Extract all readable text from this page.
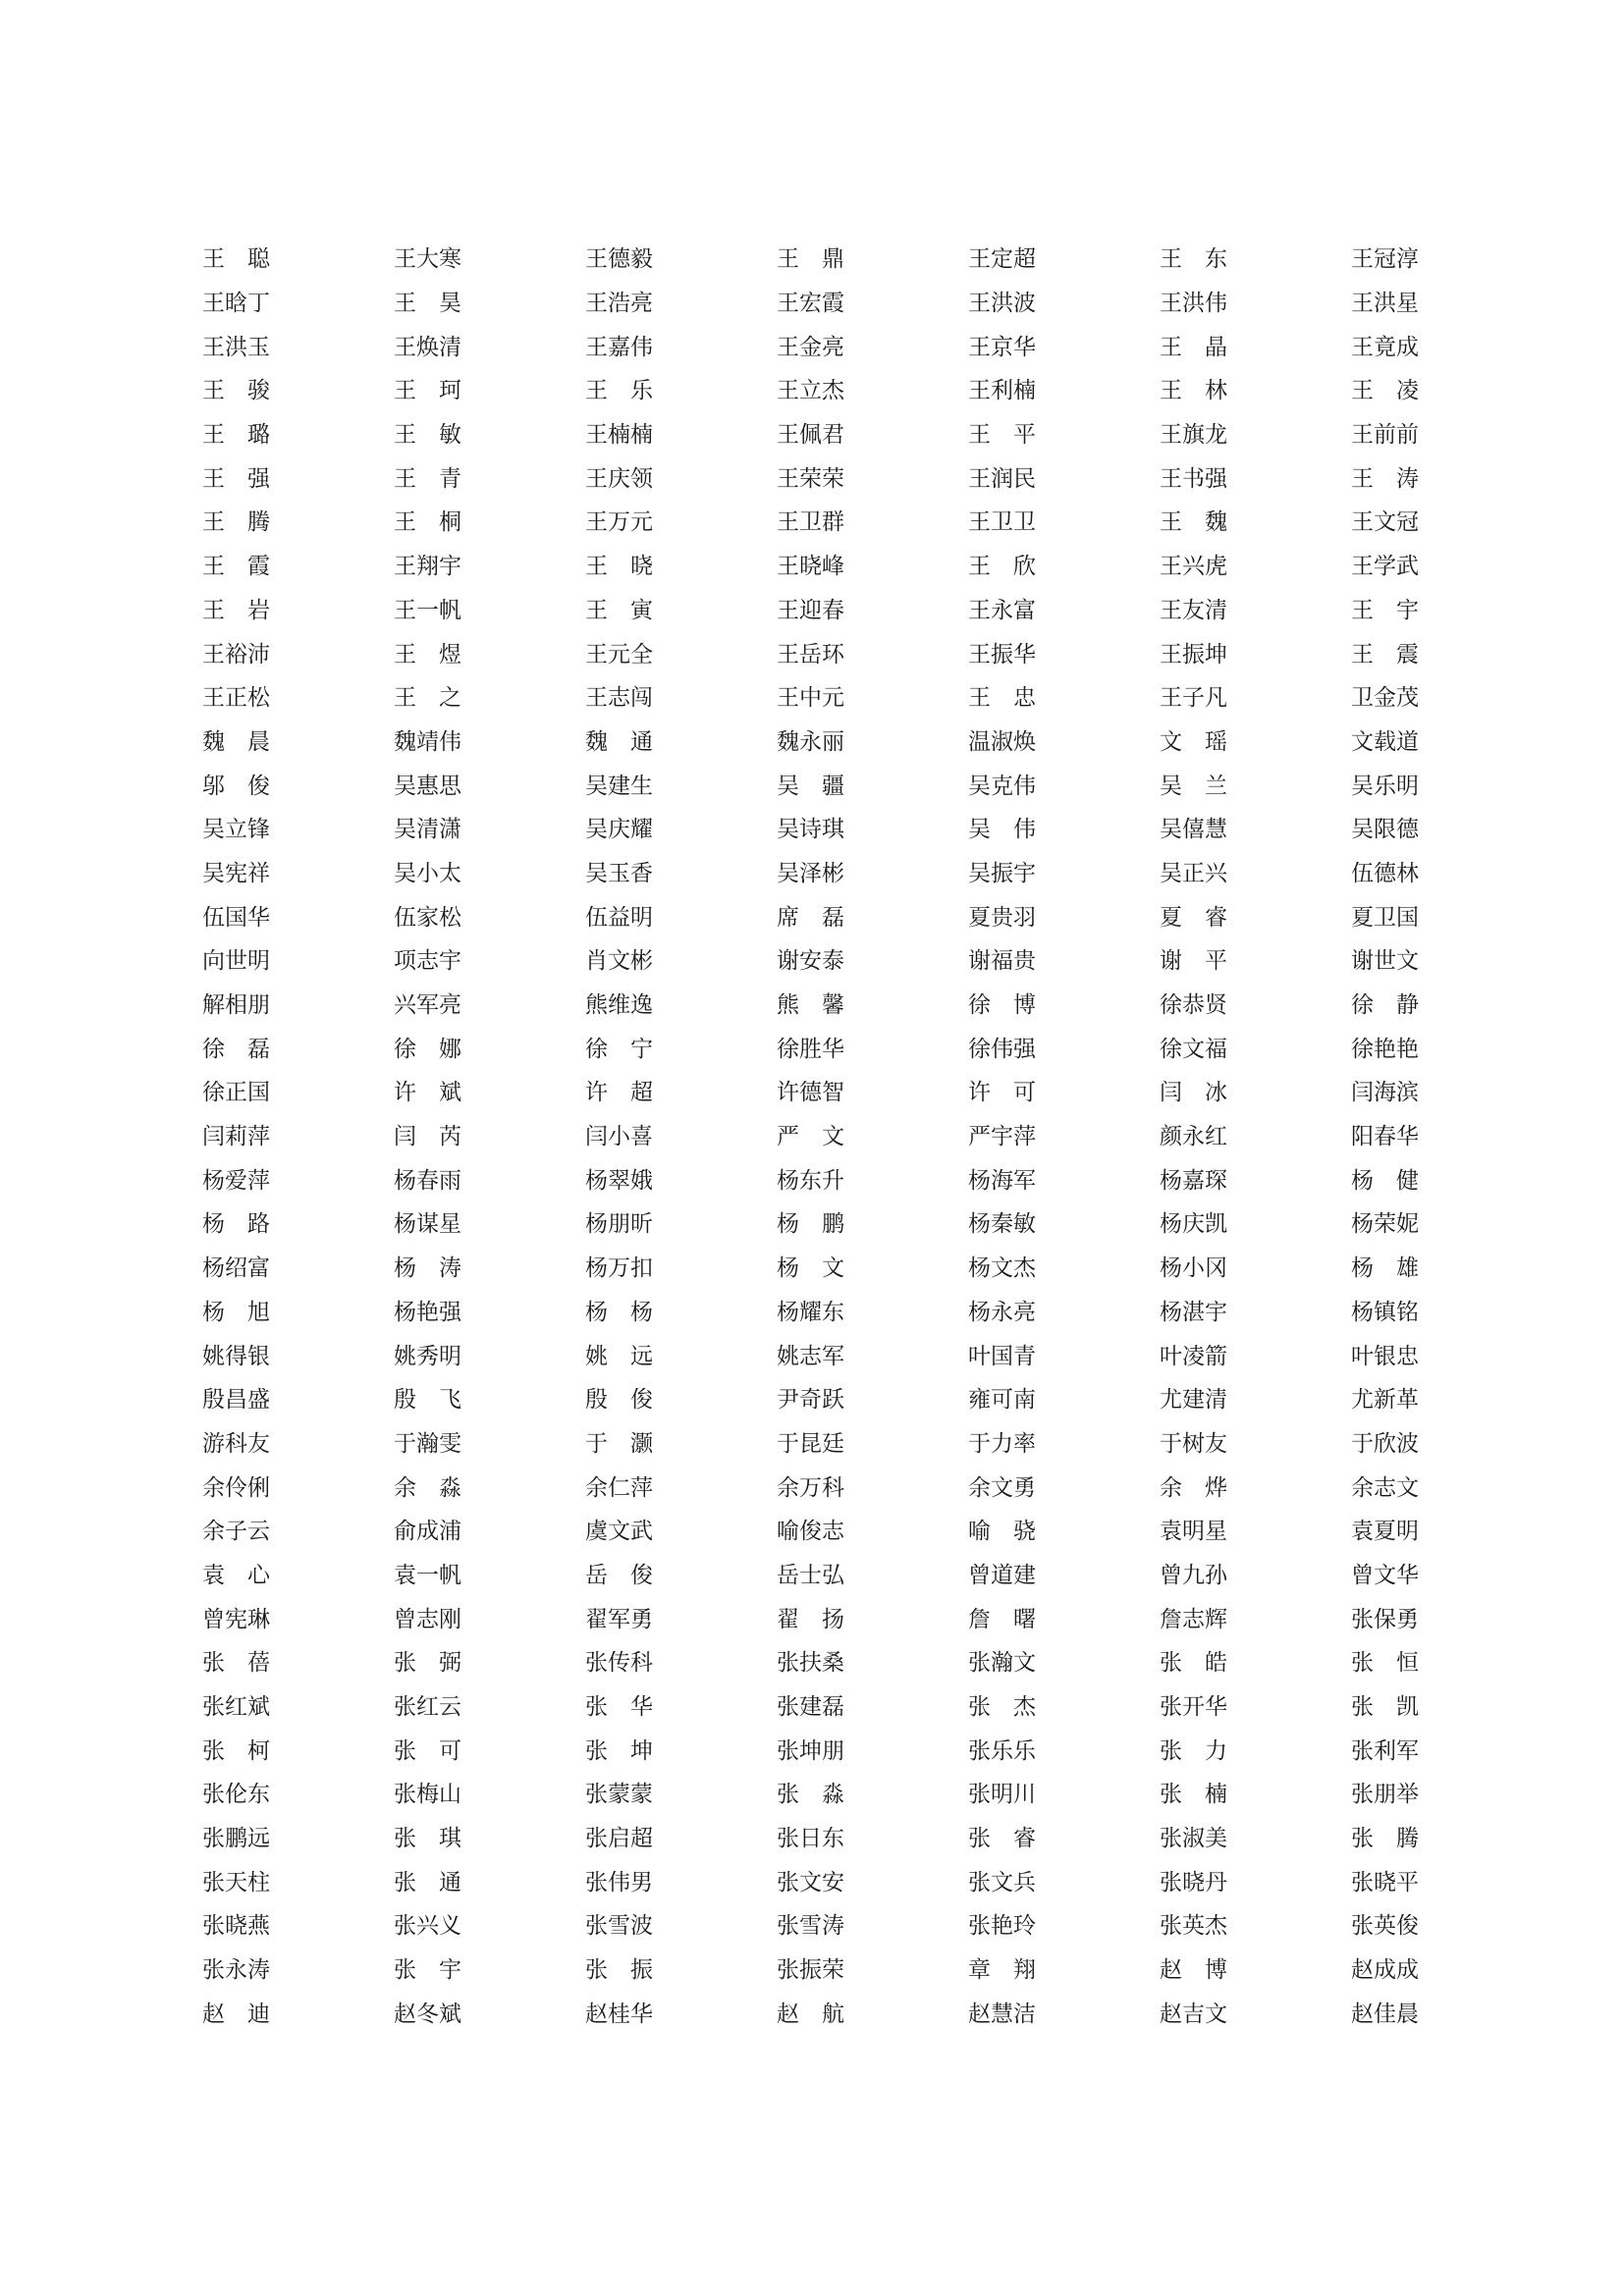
王　聪	王大寒	王德毅	王　鼎	王定超	王　东	王冠淳
王晗丁	王　昊	王浩亮	王宏霞	王洪波	王洪伟	王洪星
王洪玉	王焕清	王嘉伟	王金亮	王京华	王　晶	王竟成
王　骏	王　珂	王　乐	王立杰	王利楠	王　林	王　凌
王　璐	王　敏	王楠楠	王佩君	王　平	王旗龙	王前前
王　强	王　青	王庆领	王荣荣	王润民	王书强	王　涛
王　腾	王　桐	王万元	王卫群	王卫卫	王　魏	王文冠
王　霞	王翔宇	王　晓	王晓峰	王　欣	王兴虎	王学武
王　岩	王一帆	王　寅	王迎春	王永富	王友清	王　宇
王裕沛	王　煜	王元全	王岳环	王振华	王振坤	王　震
王正松	王　之	王志闯	王中元	王　忠	王子凡	卫金茂
魏　晨	魏靖伟	魏　通	魏永丽	温淑焕	文　瑶	文载道
邬　俊	吴惠思	吴建生	吴　疆	吴克伟	吴　兰	吴乐明
吴立锋	吴清潇	吴庆耀	吴诗琪	吴　伟	吴僖慧	吴限德
吴宪祥	吴小太	吴玉香	吴泽彬	吴振宇	吴正兴	伍德林
伍国华	伍家松	伍益明	席　磊	夏贵羽	夏　睿	夏卫国
向世明	项志宇	肖文彬	谢安泰	谢福贵	谢　平	谢世文
解相朋	兴军亮	熊维逸	熊　馨	徐　博	徐恭贤	徐　静
徐　磊	徐　娜	徐　宁	徐胜华	徐伟强	徐文福	徐艳艳
徐正国	许　斌	许　超	许德智	许　可	闫　冰	闫海滨
闫莉萍	闫　芮	闫小喜	严　文	严宇萍	颜永红	阳春华
杨爱萍	杨春雨	杨翠娥	杨东升	杨海军	杨嘉琛	杨　健
杨　路	杨谋星	杨朋昕	杨　鹏	杨秦敏	杨庆凯	杨荣妮
杨绍富	杨　涛	杨万扣	杨　文	杨文杰	杨小冈	杨　雄
杨　旭	杨艳强	杨　杨	杨耀东	杨永亮	杨湛宇	杨镇铭
姚得银	姚秀明	姚　远	姚志军	叶国青	叶凌箭	叶银忠
殷昌盛	殷　飞	殷　俊	尹奇跃	雍可南	尤建清	尤新革
游科友	于瀚雯	于　灏	于昆廷	于力率	于树友	于欣波
余伶俐	余　淼	余仁萍	余万科	余文勇	余　烨	余志文
余子云	俞成浦	虞文武	喻俊志	喻　骁	袁明星	袁夏明
袁　心	袁一帆	岳　俊	岳士弘	曾道建	曾九孙	曾文华
曾宪琳	曾志刚	翟军勇	翟　扬	詹　曙	詹志辉	张保勇
张　蓓	张　弼	张传科	张扶桑	张瀚文	张　皓	张　恒
张红斌	张红云	张　华	张建磊	张　杰	张开华	张　凯
张　柯	张　可	张　坤	张坤朋	张乐乐	张　力	张利军
张伦东	张梅山	张蒙蒙	张　淼	张明川	张　楠	张朋举
张鹏远	张　琪	张启超	张日东	张　睿	张淑美	张　腾
张天柱	张　通	张伟男	张文安	张文兵	张晓丹	张晓平
张晓燕	张兴义	张雪波	张雪涛	张艳玲	张英杰	张英俊
张永涛	张　宇	张　振	张振荣	章　翔	赵　博	赵成成
赵　迪	赵冬斌	赵桂华	赵　航	赵慧洁	赵吉文	赵佳晨
